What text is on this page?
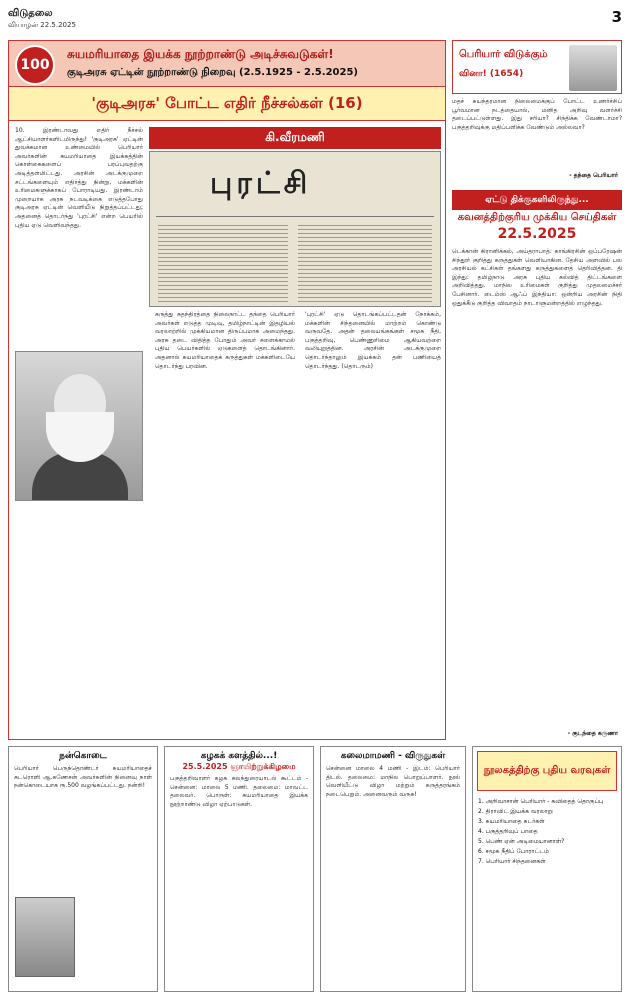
விடுதலை
வியாழன் 22.5.2025	3
100
சுயமரியாதை இயக்க நூற்றாண்டு அடிச்சுவடுகள்!
குடிஅரசு ஏட்டின் நூற்றாண்டு நிறைவு (2.5.1925 - 2.5.2025)
'குடிஅரசு' போட்ட எதிர் நீச்சல்கள் (16)
10. இரண்டாவது எதிர் நீச்சல் ஆட்சியாளர்களிடமிருந்து! 'குடிஅரசு' ஏட்டின் துவக்கமான உண்மையில் பெரியார் அவர்களின் சுயமரியாதை இயக்கத்தின் கொள்கைகளைப் பரப்புவதற்கு அடித்தளமிட்டது. அரசின் அடக்குமுறை சட்டங்களையும் எதிர்த்து நின்று, மக்களின் உரிமைகளுக்காகப் போராடியது. இரண்டாம் முறையாக அரசு நடவடிக்கை எடுத்தபோது குடிஅரசு ஏட்டின் வெளியீடு நிறுத்தப்பட்டது; அதனைத் தொடர்ந்து 'புரட்சி' என்ற பெயரில் புதிய ஏடு வெளிவந்தது.
கி.வீரமணி
புரட்சி
கருத்து சுதந்திரத்தை நிலைநாட்ட தந்தை பெரியார் அவர்கள் எடுத்த முடிவு, தமிழ்நாட்டின் இதழியல் வரலாற்றில் முக்கியமான திருப்பமாக அமைந்தது. அரசு தடை விதித்த போதும் அவர் சளைக்காமல் புதிய பெயர்களில் ஏடுகளைத் தொடங்கினார். அதனால் சுயமரியாதைக் கருத்துகள் மக்களிடையே தொடர்ந்து பரவின.
'புரட்சி' ஏடு தொடங்கப்பட்டதன் நோக்கம், மக்களின் சிந்தனையில் மாற்றம் கொண்டு வருவதே. அதன் தலையங்கங்கள் சமூக நீதி, பகுத்தறிவு, பெண்ணுரிமை ஆகியவற்றை வலியுறுத்தின. அரசின் அடக்குமுறை தொடர்ந்தாலும் இயக்கம் தன் பணியைத் தொடர்ந்தது. (தொடரும்)
பெரியார் விடுக்கும்
வினா! (1654)
மதச் சுயந்தரமான நிலைமைக்குப் போட்ட உணர்ச்சிப் பூர்வமான நடத்தையால், மனித அறிவு வளர்ச்சி தடைப்பட்டுள்ளது. இது சரியா? சிந்திக்க வேண்டாமா? பகுத்தறிவுக்கு மதிப்பளிக்க வேண்டும் அல்லவா?
- தந்தை பெரியார்
ஏட்டு திக்குகளிலிருந்து...
கவனத்திற்குரிய முக்கிய செய்திகள்
22.5.2025
டெக்கான் கிரானிக்கல், அய்தராபாத்: காங்கிரசின் ஒப்பரேஷன் சிந்தூர் குறித்து கருத்துகள் வெளியாகின. தேசிய அளவில் பல அரசியல் கட்சிகள் தங்களது கருத்துகளைத் தெரிவித்தன. தி இந்து: தமிழ்நாடு அரசு புதிய கல்வித் திட்டங்களை அறிவித்தது. மாநில உரிமைகள் குறித்து முதலமைச்சர் பேசினார். டைம்ஸ் ஆஃப் இந்தியா: ஒன்றிய அரசின் நிதி ஒதுக்கீடு குறித்த விவாதம் நாடாளுமன்றத்தில் எழுந்தது.
- குடந்தை கருணா
நன்கொடை
பெரியார் பெருந்தொண்டர் சுயமரியாதைச் சுடரொளி ஆ.கணேசன் அவர்களின் நினைவு நாள் நன்கொடையாக ரூ.500 வழங்கப்பட்டது. நன்றி!
கழகக் களத்தில்...!
25.5.2025 ஞாயிற்றுக்கிழமை
பகுத்தறிவாளர் கழக கலந்துரையாடல் கூட்டம் - சென்னை: மாலை 5 மணி. தலைமை: மாவட்ட தலைவர். பொருள்: சுயமரியாதை இயக்க நூற்றாண்டு விழா ஏற்பாடுகள்.
கலைமாமணி - விருதுகள்
சென்னை மாலை 4 மணி - இடம்: பெரியார் திடல். தலைமை: மாநில பொறுப்பாளர். நூல் வெளியீட்டு விழா மற்றும் கருத்தரங்கம் நடைபெறும். அனைவரும் வருக!
நூலகத்திற்கு புதிய வரவுகள்
1. அறிவாசான் பெரியார் - கவிதைத் தொகுப்பு
2. திராவிட இயக்க வரலாறு
3. சுயமரியாதை சுடர்கள்
4. பகுத்தறிவுப் பாதை
5. பெண் ஏன் அடிமையானாள்?
6. சமூக நீதிப் போராட்டம்
7. பெரியார் சிந்தனைகள்
